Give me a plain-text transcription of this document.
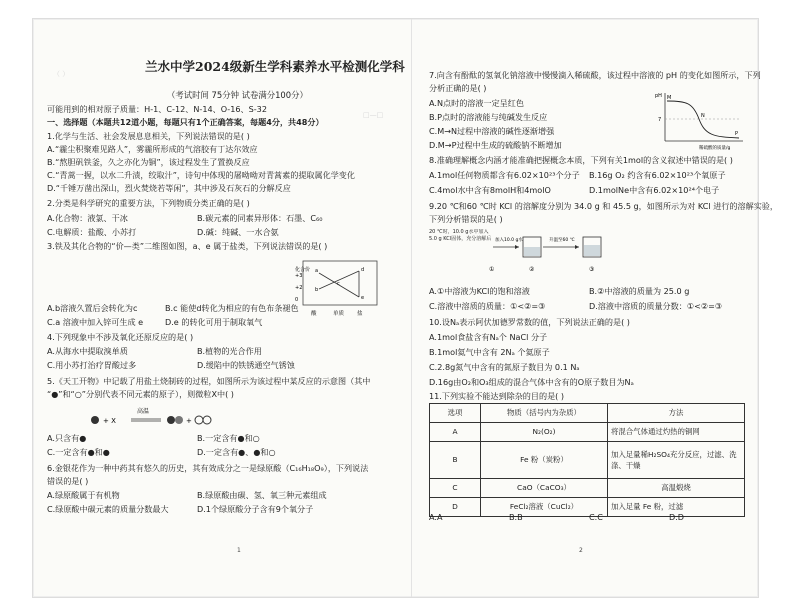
（ ）
□—□
兰水中学2024级新生学科素养水平检测化学科
（考试时间 75分钟 试卷满分100分）
可能用到的相对原子质量：H-1、C-12、N-14、O-16、S-32
一、选择题（本题共12道小题，每题只有1个正确答案，每题4分，共48分）
1.化学与生活、社会发展息息相关，下列说法错误的是( )
A.“霾尘积聚难见路人”，雾霾所形成的气溶胶有丁达尔效应
B.“熬胆矾铁釜，久之亦化为铜”，该过程发生了置换反应
C.“青蒿一握，以水二升渍，绞取汁”，诗句中体现的屠呦呦对青蒿素的提取属化学变化
D.“千锤万凿出深山，烈火焚烧若等闲”，其中涉及石灰石的分解反应
2.分类是科学研究的重要方法，下列物质分类正确的是( )
A.化合物：液氯、干冰	B.碳元素的同素异形体：石墨、C₆₀
C.电解质：盐酸、小苏打	D.碱：纯碱、一水合氨
3.铁及其化合物的“价—类”二维图如图，a、e 属于盐类，下列说法错误的是( )
化合价
+3
+2
0
a
b
c
d
e
酸	单质 盐
A.b溶液久置后会转化为c	B.c 能使d转化为相应的有色布条褪色
C.a 溶液中加入锌可生成 e	D.e 的转化可用于制取氧气
4.下列现象中不涉及氧化还原反应的是( )
A.从海水中提取溴单质	B.植物的光合作用
C.用小苏打治疗胃酸过多	D.缓陷中的铁锈通空气锈蚀
5.《天工开物》中记载了用盐土烧制砖的过程，如图所示为该过程中某反应的示意图（其中
“●”和“○”分别代表不同元素的原子），则微粒X中( )
+ X
高温
+
A.只含有●	B.一定含有●和○
C.一定含有●和●	D.一定含有●、●和○
6.金银花作为一种中药其有悠久的历史，其有效成分之一是绿原酸（C₁₆H₁₈O₉），下列说法
错误的是( )
A.绿原酸属于有机物	B.绿原酸由碳、氢、氧三种元素组成
C.绿原酸中碳元素的质量分数最大	D.1个绿原酸分子含有9个氧分子
1
7.向含有酚酞的氢氧化钠溶液中慢慢滴入稀硫酸，该过程中溶液的 pH 的变化如图所示，下列
分析正确的是( )
A.N点时的溶液一定呈红色
B.P点时的溶液能与纯碱发生反应
C.M→N过程中溶液的碱性逐渐增强
D.M→P过程中生成的硫酸钠不断增加
pH
7
M
N
P
稀硫酸的质量/g
8.准确理解概念内涵才能准确把握概念本质，下列有关1mol的含义叙述中错误的是( )
A.1mol任何物质都含有6.02×10²³个分子 B.16g O₂ 约含有6.02×10²³个氧原子
C.4mol水中含有8molH和4molO	D.1molNe中含有6.02×10²⁴个电子
9.20 ℃和60 ℃时 KCl 的溶解度分别为 34.0 g 和 45.5 g，如图所示为对 KCl 进行的溶解实验，
下列分析错误的是( )
20 ℃时，10.0 g水中加入5.0 g KCl固体，充分溶解后 加入10.0 g水	升温至60 ℃
①	②	③
A.①中溶液为KCl的饱和溶液	B.②中溶液的质量为 25.0 g
C.溶液中溶质的质量：①<②=③	D.溶液中溶质的质量分数：①<②=③
10.设Nₐ表示阿伏加德罗常数的值，下列说法正确的是( )
A.1mol食盐含有Nₐ个 NaCl 分子
B.1mol氦气中含有 2Nₐ 个氦原子
C.2.8g氮气中含有的氮原子数目为 0.1 Nₐ
D.16g由O₂和O₃组成的混合气体中含有的O原子数目为Nₐ
11.下列实验不能达到除杂的目的是( )
选项	物质（括号内为杂质）	方法
A	N₂(O₂)	将混合气体通过灼热的铜网
B	Fe 粉（炭粉）	加入足量稀H₂SO₄充分反应，过滤、洗涤、干燥
C	CaO（CaCO₃）	高温煅烧
D	FeCl₂溶液（CuCl₂）	加入足量 Fe 粉，过滤
A.A	B.B	C.C	D.D
2
